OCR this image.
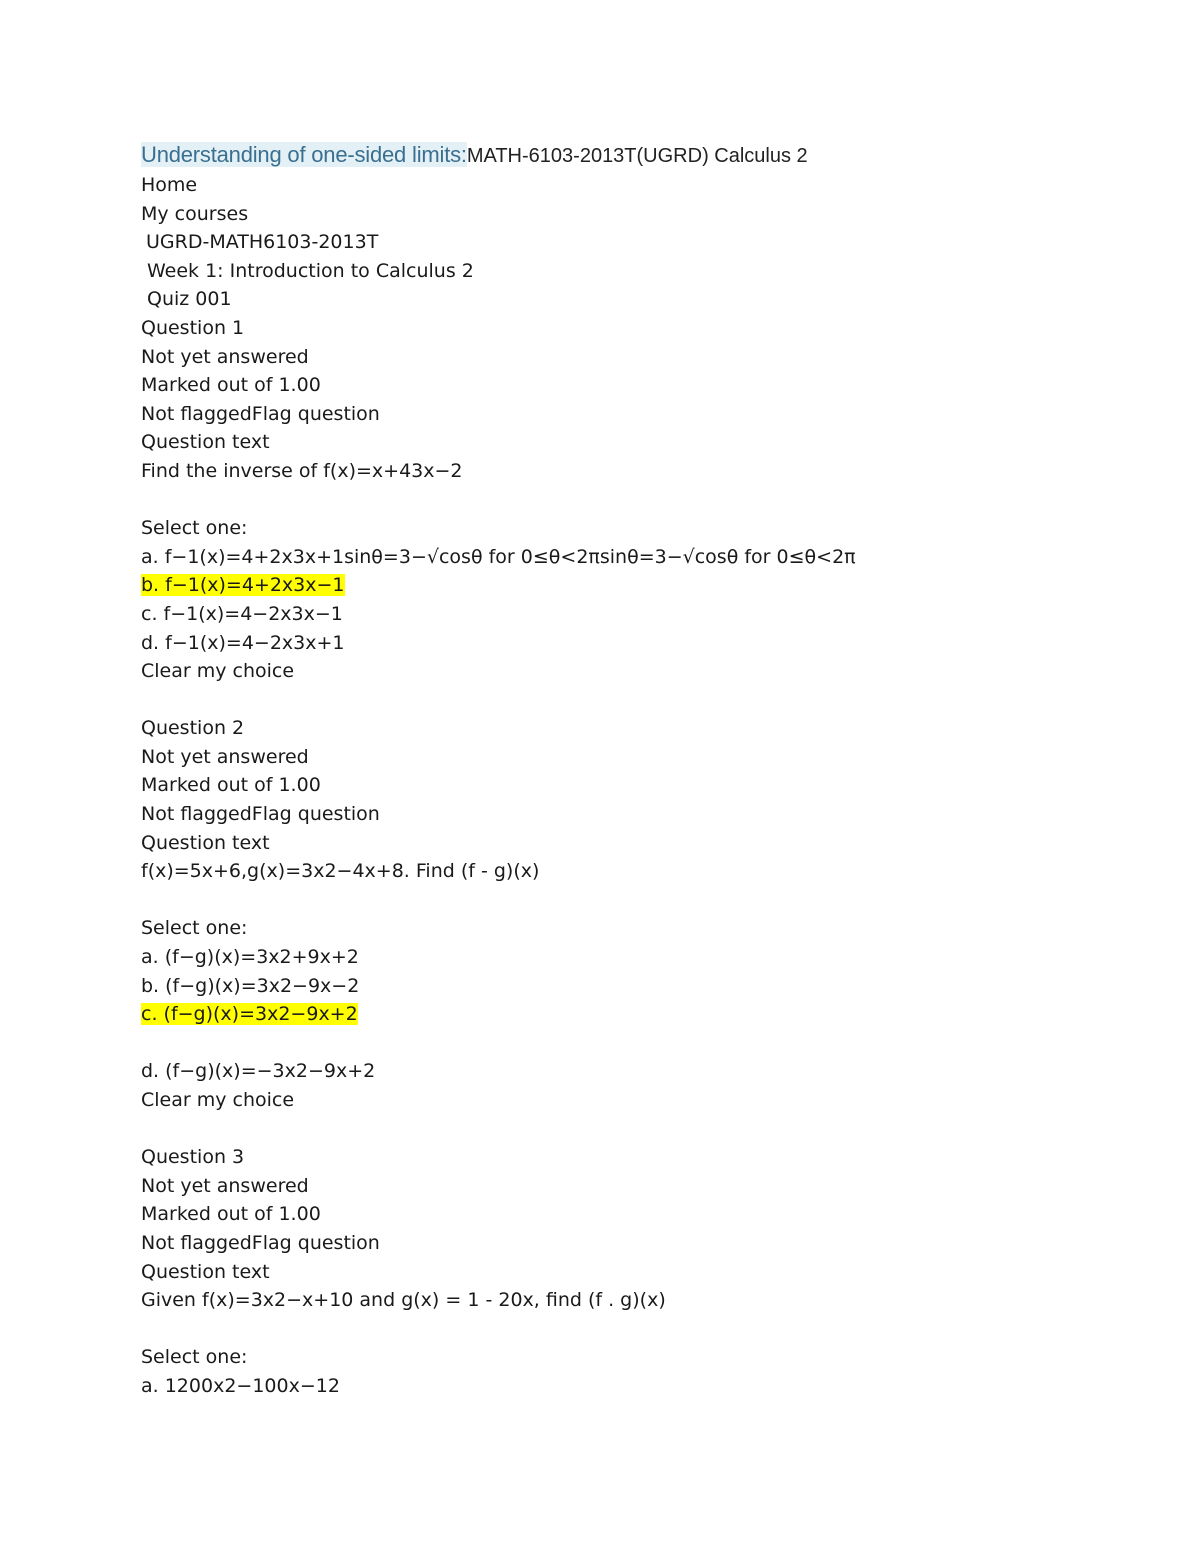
Understanding of one-sided limits:MATH-6103-2013T(UGRD) Calculus 2
Home
My courses
UGRD-MATH6103-2013T
Week 1: Introduction to Calculus 2
Quiz 001
Question 1
Not yet answered
Marked out of 1.00
Not flaggedFlag question
Question text
Find the inverse of f(x)=x+43x−2
Select one:
a. f−1(x)=4+2x3x+1sinθ=3−√cosθ for 0≤θ<2πsinθ=3−√cosθ for 0≤θ<2π
b. f−1(x)=4+2x3x−1
c. f−1(x)=4−2x3x−1
d. f−1(x)=4−2x3x+1
Clear my choice
Question 2
Not yet answered
Marked out of 1.00
Not flaggedFlag question
Question text
f(x)=5x+6,g(x)=3x2−4x+8. Find (f - g)(x)
Select one:
a. (f−g)(x)=3x2+9x+2
b. (f−g)(x)=3x2−9x−2
c. (f−g)(x)=3x2−9x+2
d. (f−g)(x)=−3x2−9x+2
Clear my choice
Question 3
Not yet answered
Marked out of 1.00
Not flaggedFlag question
Question text
Given f(x)=3x2−x+10 and g(x) = 1 - 20x, find (f . g)(x)
Select one:
a. 1200x2−100x−12
